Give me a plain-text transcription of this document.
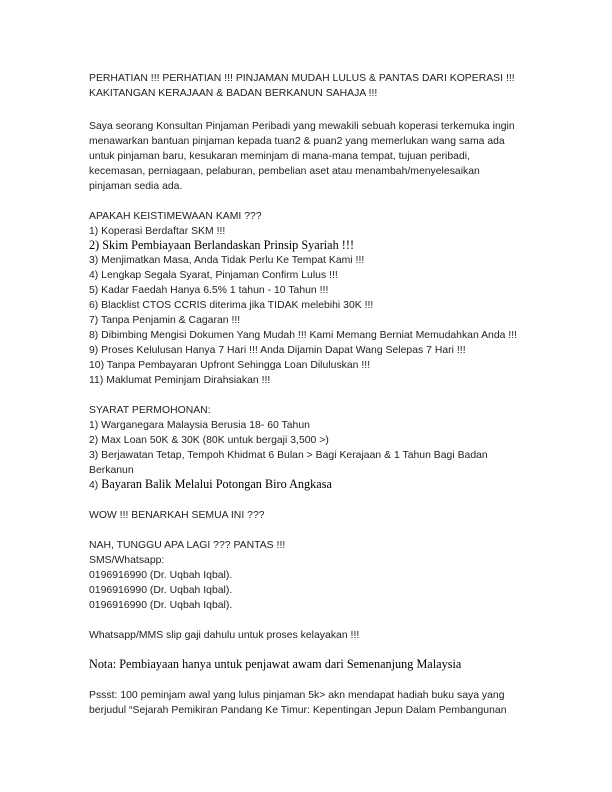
PERHATIAN !!! PERHATIAN !!! PINJAMAN MUDAH LULUS & PANTAS DARI KOPERASI !!!
KAKITANGAN KERAJAAN & BADAN BERKANUN SAHAJA !!!
Saya seorang Konsultan Pinjaman Peribadi yang mewakili sebuah koperasi terkemuka ingin
menawarkan bantuan pinjaman kepada tuan2 & puan2 yang memerlukan wang sama ada
untuk pinjaman baru, kesukaran meminjam di mana-mana tempat, tujuan peribadi,
kecemasan, perniagaan, pelaburan, pembelian aset atau menambah/menyelesaikan
pinjaman sedia ada.
APAKAH KEISTIMEWAAN KAMI ???
1) Koperasi Berdaftar SKM !!!
2) Skim Pembiayaan Berlandaskan Prinsip Syariah !!!
3) Menjimatkan Masa, Anda Tidak Perlu Ke Tempat Kami !!!
4) Lengkap Segala Syarat, Pinjaman Confirm Lulus !!!
5) Kadar Faedah Hanya 6.5% 1 tahun - 10 Tahun !!!
6) Blacklist CTOS CCRIS diterima jika TIDAK melebihi 30K !!!
7) Tanpa Penjamin & Cagaran !!!
8) Dibimbing Mengisi Dokumen Yang Mudah !!! Kami Memang Berniat Memudahkan Anda !!!
9) Proses Kelulusan Hanya 7 Hari !!! Anda Dijamin Dapat Wang Selepas 7 Hari !!!
10) Tanpa Pembayaran Upfront Sehingga Loan Diluluskan !!!
11) Maklumat Peminjam Dirahsiakan !!!
SYARAT PERMOHONAN:
1) Warganegara Malaysia Berusia 18- 60 Tahun
2) Max Loan 50K & 30K (80K untuk bergaji 3,500 >)
3) Berjawatan Tetap, Tempoh Khidmat 6 Bulan > Bagi Kerajaan & 1 Tahun Bagi Badan
Berkanun
4) Bayaran Balik Melalui Potongan Biro Angkasa
WOW !!! BENARKAH SEMUA INI ???
NAH, TUNGGU APA LAGI ??? PANTAS !!!
SMS/Whatsapp:
0196916990 (Dr. Uqbah Iqbal).
0196916990 (Dr. Uqbah Iqbal).
0196916990 (Dr. Uqbah Iqbal).
Whatsapp/MMS slip gaji dahulu untuk proses kelayakan !!!
Nota: Pembiayaan hanya untuk penjawat awam dari Semenanjung Malaysia
Pssst: 100 peminjam awal yang lulus pinjaman 5k> akn mendapat hadiah buku saya yang
berjudul “Sejarah Pemikiran Pandang Ke Timur: Kepentingan Jepun Dalam Pembangunan
